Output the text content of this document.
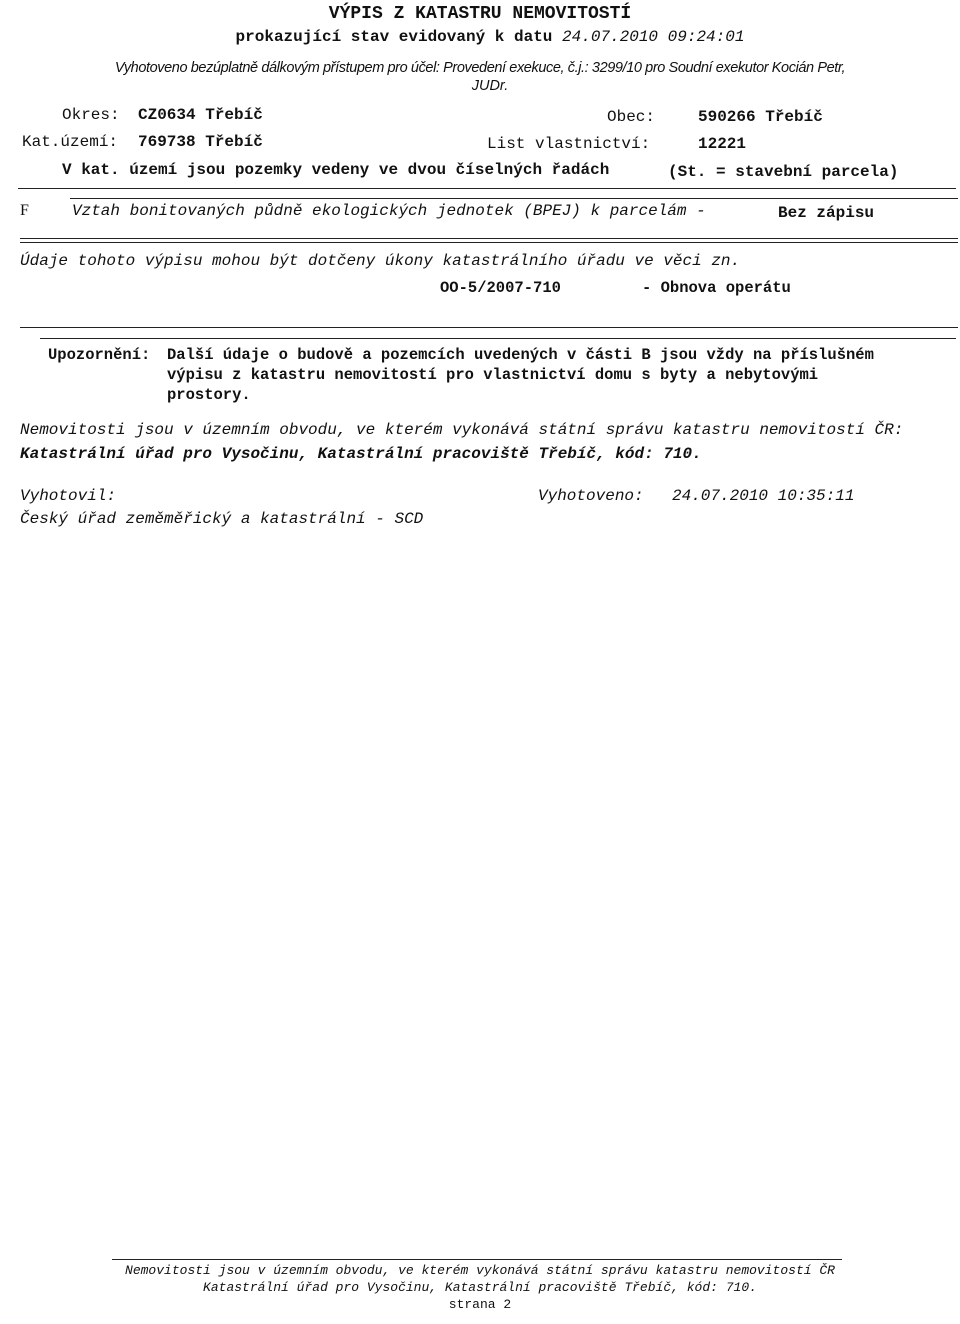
VÝPIS Z KATASTRU NEMOVITOSTÍ
prokazující stav evidovaný k datu 24.07.2010 09:24:01
Vyhotoveno bezúplatně dálkovým přístupem pro účel: Provedení exekuce, č.j.: 3299/10 pro Soudní exekutor Kocián Petr,
JUDr.
Okres: CZ0634 Třebíč	Obec:	590266 Třebíč
Kat.území: 769738 Třebíč	List vlastnictví:	12221
V kat. území jsou pozemky vedeny ve dvou číselných řadách	(St. = stavební parcela)
F	Vztah bonitovaných půdně ekologických jednotek (BPEJ) k parcelám -	Bez zápisu
Údaje tohoto výpisu mohou být dotčeny úkony katastrálního úřadu ve věci zn.
OO-5/2007-710	- Obnova operátu
Upozornění: Další údaje o budově a pozemcích uvedených v části B jsou vždy na příslušném
výpisu z katastru nemovitostí pro vlastnictví domu s byty a nebytovými
prostory.
Nemovitosti jsou v územním obvodu, ve kterém vykonává státní správu katastru nemovitostí ČR:
Katastrální úřad pro Vysočinu, Katastrální pracoviště Třebíč, kód: 710.
Vyhotovil:
Český úřad zeměměřický a katastrální - SCD
Vyhotoveno: 24.07.2010 10:35:11
Nemovitosti jsou v územním obvodu, ve kterém vykonává státní správu katastru nemovitostí ČR
Katastrální úřad pro Vysočinu, Katastrální pracoviště Třebíč, kód: 710.
strana 2
